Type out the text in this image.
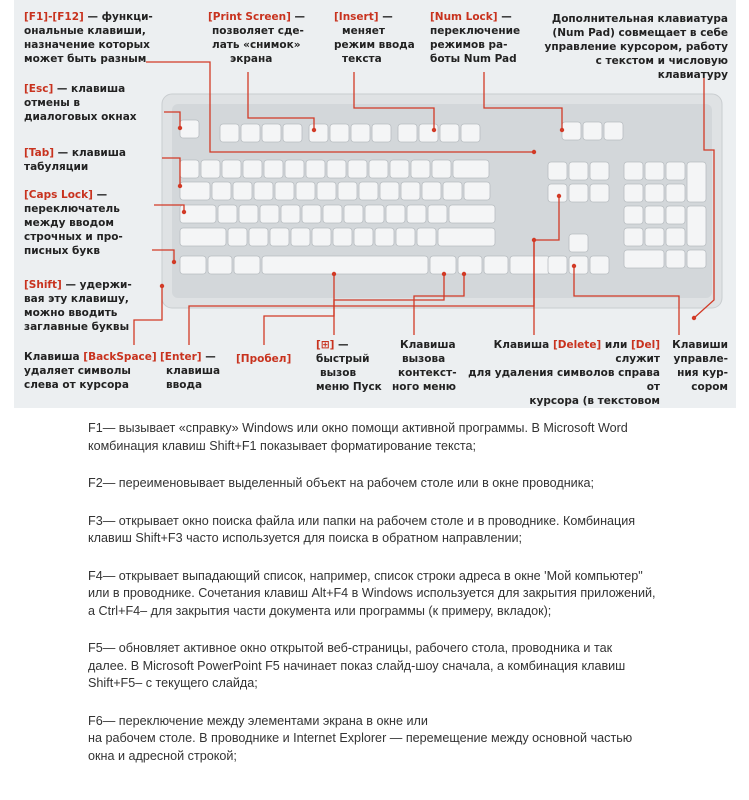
[F1]-[F12] — функци-
ональные клавиши,
назначение которых
может быть разным
[Print Screen] —
позволяет сде-
лать «снимок»
экрана
[Insert] —
меняет
режим ввода
текста
[Num Lock] —
переключение
режимов ра-
боты Num Pad
Дополнительная клавиатура
(Num Pad) совмещает в себе
управление курсором, работу
с текстом и числовую клавиатуру
[Esc] — клавиша
отмены в
диалоговых окнах
[Tab] — клавиша
табуляции
[Caps Lock] —
переключатель
между вводом
строчных и про-
писных букв
[Shift] — удержи-
вая эту клавишу,
можно вводить
заглавные буквы
Клавиша [BackSpace]
удаляет символы
слева от курсора
[Enter] —
клавиша
ввода
[Пробел]
[⊞] —
быстрый
вызов
меню Пуск
Клавиша
вызова
контекст-
ного меню
Клавиша [Delete] или [Del] служит
для удаления символов справа от
курсора (в текстовом
Клавиши
управле-
ния кур-
сором

F1— вызывает «справку» Windows или окно помощи активной программы. В Microsoft Word
комбинация клавиш Shift+F1 показывает форматирование текста;

F2— переименовывает выделенный объект на рабочем столе или в окне проводника;

F3— открывает окно поиска файла или папки на рабочем столе и в проводнике. Комбинация
клавиш Shift+F3 часто используется для поиска в обратном направлении;

F4— открывает выпадающий список, например, список строки адреса в окне 'Мой компьютер"
или в проводнике. Сочетания клавиш Alt+F4 в Windows используется для закрытия приложений,
а Ctrl+F4– для закрытия части документа или программы (к примеру, вкладок);

F5— обновляет активное окно открытой веб-страницы, рабочего стола, проводника и так
далее. В Microsoft PowerPoint F5 начинает показ слайд-шоу сначала, а комбинация клавиш
Shift+F5– с текущего слайда;

F6— переключение между элементами экрана в окне или
на рабочем столе. В проводнике и Internet Explorer — перемещение между основной частью
окна и адресной строкой;
